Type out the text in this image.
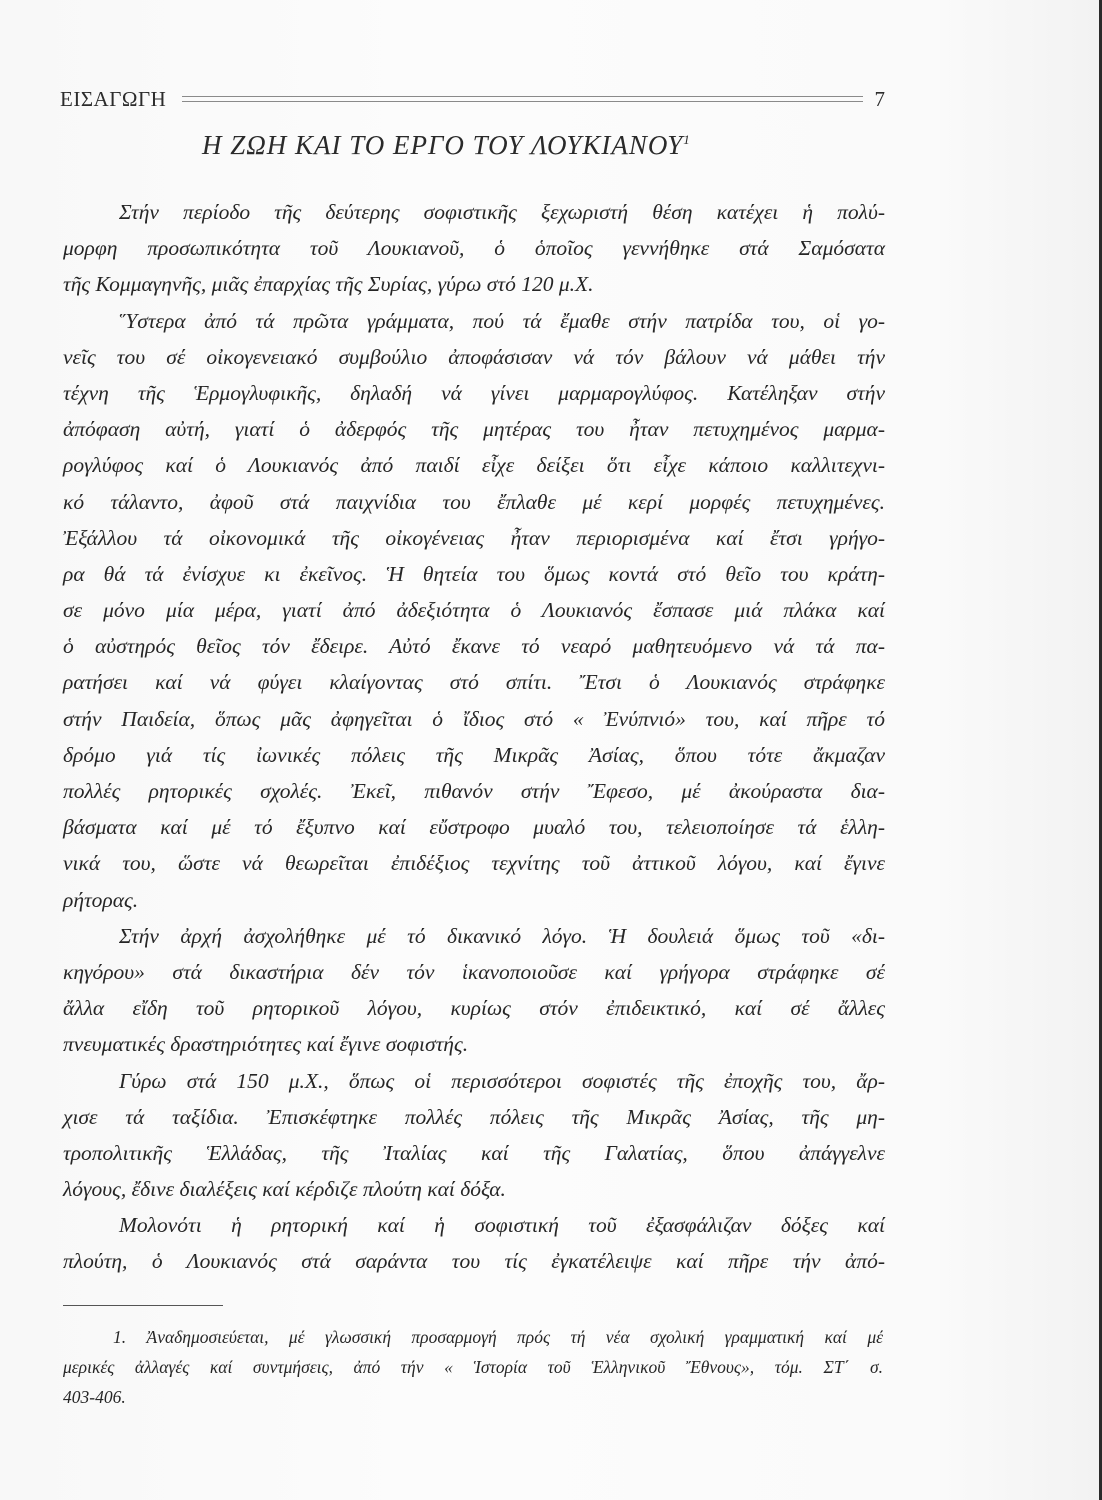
ΕΙΣΑΓΩΓΗ	7
Η ΖΩΗ ΚΑΙ ΤΟ ΕΡΓΟ ΤΟΥ ΛΟΥΚΙΑΝΟΥ$^1$
Στήν περίοδο τῆς δεύτερης σοφιστικῆς ξεχωριστή θέση κατέχει ἡ πολύ-
μορφη προσωπικότητα τοῦ Λουκιανοῦ, ὁ ὁποῖος γεννήθηκε στά Σαμόσατα
τῆς Κομμαγηνῆς, μιᾶς ἐπαρχίας τῆς Συρίας, γύρω στό 120 μ.Χ.
Ὕστερα ἀπό τά πρῶτα γράμματα, πού τά ἔμαθε στήν πατρίδα του, οἱ γο-
νεῖς του σέ οἰκογενειακό συμβούλιο ἀποφάσισαν νά τόν βάλουν νά μάθει τήν
τέχνη τῆς Ἑρμογλυφικῆς, δηλαδή νά γίνει μαρμαρογλύφος. Κατέληξαν στήν
ἀπόφαση αὐτή, γιατί ὁ ἀδερφός τῆς μητέρας του ἦταν πετυχημένος μαρμα-
ρογλύφος καί ὁ Λουκιανός ἀπό παιδί εἶχε δείξει ὅτι εἶχε κάποιο καλλιτεχνι-
κό τάλαντο, ἀφοῦ στά παιχνίδια του ἔπλαθε μέ κερί μορφές πετυχημένες.
Ἐξάλλου τά οἰκονομικά τῆς οἰκογένειας ἦταν περιορισμένα καί ἔτσι γρήγο-
ρα θά τά ἐνίσχυε κι ἐκεῖνος. Ἡ θητεία του ὅμως κοντά στό θεῖο του κράτη-
σε μόνο μία μέρα, γιατί ἀπό ἀδεξιότητα ὁ Λουκιανός ἔσπασε μιά πλάκα καί
ὁ αὐστηρός θεῖος τόν ἔδειρε. Αὐτό ἔκανε τό νεαρό μαθητευόμενο νά τά πα-
ρατήσει καί νά φύγει κλαίγοντας στό σπίτι. Ἔτσι ὁ Λουκιανός στράφηκε
στήν Παιδεία, ὅπως μᾶς ἀφηγεῖται ὁ ἴδιος στό « Ἐνύπνιό» του, καί πῆρε τό
δρόμο γιά τίς ἰωνικές πόλεις τῆς Μικρᾶς Ἀσίας, ὅπου τότε ἄκμαζαν
πολλές ρητορικές σχολές. Ἐκεῖ, πιθανόν στήν Ἔφεσο, μέ ἀκούραστα δια-
βάσματα καί μέ τό ἔξυπνο καί εὔστροφο μυαλό του, τελειοποίησε τά ἑλλη-
νικά του, ὥστε νά θεωρεῖται ἐπιδέξιος τεχνίτης τοῦ ἀττικοῦ λόγου, καί ἔγινε
ρήτορας.
Στήν ἀρχή ἀσχολήθηκε μέ τό δικανικό λόγο. Ἡ δουλειά ὅμως τοῦ «δι-
κηγόρου» στά δικαστήρια δέν τόν ἱκανοποιοῦσε καί γρήγορα στράφηκε σέ
ἄλλα εἴδη τοῦ ρητορικοῦ λόγου, κυρίως στόν ἐπιδεικτικό, καί σέ ἄλλες
πνευματικές δραστηριότητες καί ἔγινε σοφιστής.
Γύρω στά 150 μ.Χ., ὅπως οἱ περισσότεροι σοφιστές τῆς ἐποχῆς του, ἄρ-
χισε τά ταξίδια. Ἐπισκέφτηκε πολλές πόλεις τῆς Μικρᾶς Ἀσίας, τῆς μη-
τροπολιτικῆς Ἑλλάδας, τῆς Ἰταλίας καί τῆς Γαλατίας, ὅπου ἀπάγγελνε
λόγους, ἔδινε διαλέξεις καί κέρδιζε πλούτη καί δόξα.
Μολονότι ἡ ρητορική καί ἡ σοφιστική τοῦ ἐξασφάλιζαν δόξες καί
πλούτη, ὁ Λουκιανός στά σαράντα του τίς ἐγκατέλειψε καί πῆρε τήν ἀπό-
1. Ἀναδημοσιεύεται, μέ γλωσσική προσαρμογή πρός τή νέα σχολική γραμματική καί μέ
μερικές ἀλλαγές καί συντμήσεις, ἀπό τήν « Ἱστορία τοῦ Ἑλληνικοῦ Ἔθνους», τόμ. ΣΤ΄ σ.
403-406.
